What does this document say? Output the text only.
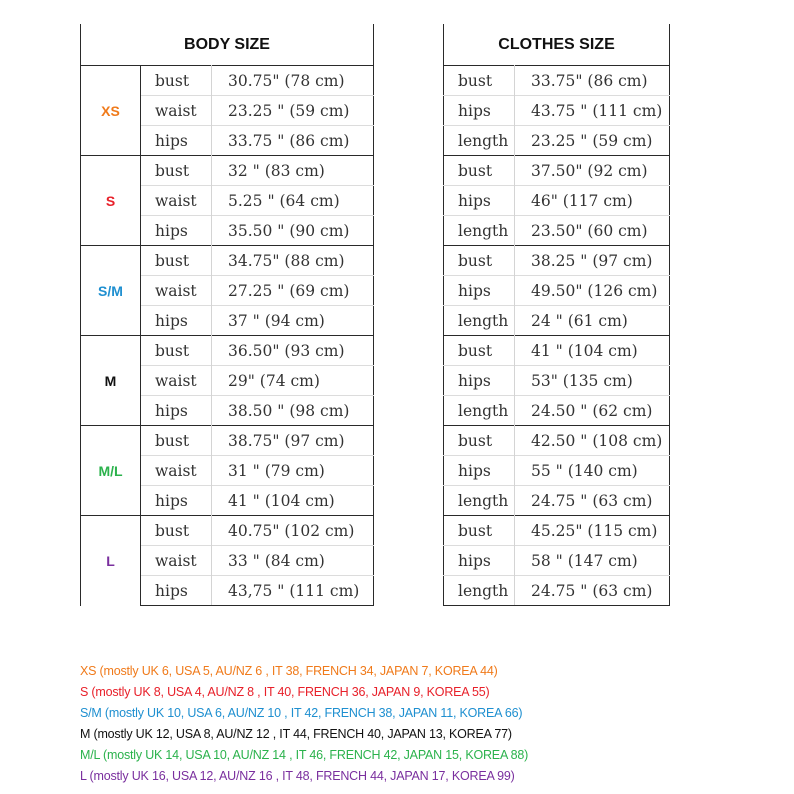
BODY SIZE		
XS	bust	30.75" (78 cm)
	waist	23.25 " (59 cm)
	hips	33.75 " (86 cm)
S	bust	32 " (83 cm)
	waist	5.25 " (64 cm)
	hips	35.50 " (90 cm)
S/M	bust	34.75" (88 cm)
	waist	27.25 " (69 cm)
	hips	37 " (94 cm)
M	bust	36.50" (93 cm)
	waist	29" (74 cm)
	hips	38.50 " (98 cm)
M/L	bust	38.75" (97 cm)
	waist	31 " (79 cm)
	hips	41 " (104 cm)
L	bust	40.75" (102 cm)
	waist	33 " (84 cm)
	hips	43,75 " (111 cm)
CLOTHES SIZE	
bust	33.75" (86 cm)
hips	43.75 " (111 cm)
length	23.25 " (59 cm)
bust	37.50" (92 cm)
hips	46" (117 cm)
length	23.50" (60 cm)
bust	38.25 " (97 cm)
hips	49.50" (126 cm)
length	24 " (61 cm)
bust	41 " (104 cm)
hips	53" (135 cm)
length	24.50 " (62 cm)
bust	42.50 " (108 cm)
hips	55 " (140 cm)
length	24.75 " (63 cm)
bust	45.25" (115 cm)
hips	58 " (147 cm)
length	24.75 " (63 cm)
XS (mostly UK 6, USA 5, AU/NZ 6 , IT 38, FRENCH 34, JAPAN 7, KOREA 44)
S (mostly UK 8, USA 4, AU/NZ 8 , IT 40, FRENCH 36, JAPAN 9, KOREA 55)
S/M (mostly UK 10, USA 6, AU/NZ 10 , IT 42, FRENCH 38, JAPAN 11, KOREA 66)
M (mostly UK 12, USA 8, AU/NZ 12 , IT 44, FRENCH 40, JAPAN 13, KOREA 77)
M/L (mostly UK 14, USA 10, AU/NZ 14 , IT 46, FRENCH 42, JAPAN 15, KOREA 88)
L (mostly UK 16, USA 12, AU/NZ 16 , IT 48, FRENCH 44, JAPAN 17, KOREA 99)
